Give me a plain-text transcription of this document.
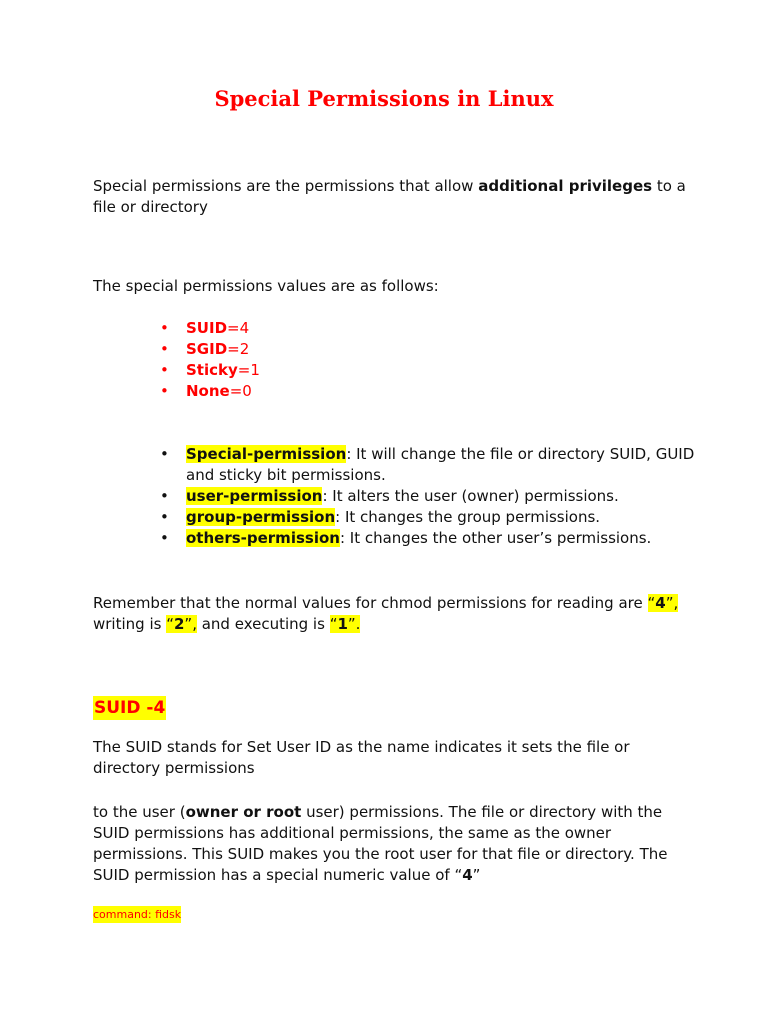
Special Permissions in Linux
Special permissions are the permissions that allow additional privileges to a file or directory
The special permissions values are as follows:
•	SUID=4
•	SGID=2
•	Sticky=1
•	None=0
•	Special-permission: It will change the file or directory SUID, GUID and sticky bit permissions.
•	user-permission: It alters the user (owner) permissions.
•	group-permission: It changes the group permissions.
•	others-permission: It changes the other user’s permissions.
Remember that the normal values for chmod permissions for reading are “4”, writing is “2”, and executing is “1”.
SUID -4
The SUID stands for Set User ID as the name indicates it sets the file or directory permissions
to the user (owner or root user) permissions. The file or directory with the SUID permissions has additional permissions, the same as the owner permissions. This SUID makes you the root user for that file or directory. The SUID permission has a special numeric value of “4”
command: fidsk
